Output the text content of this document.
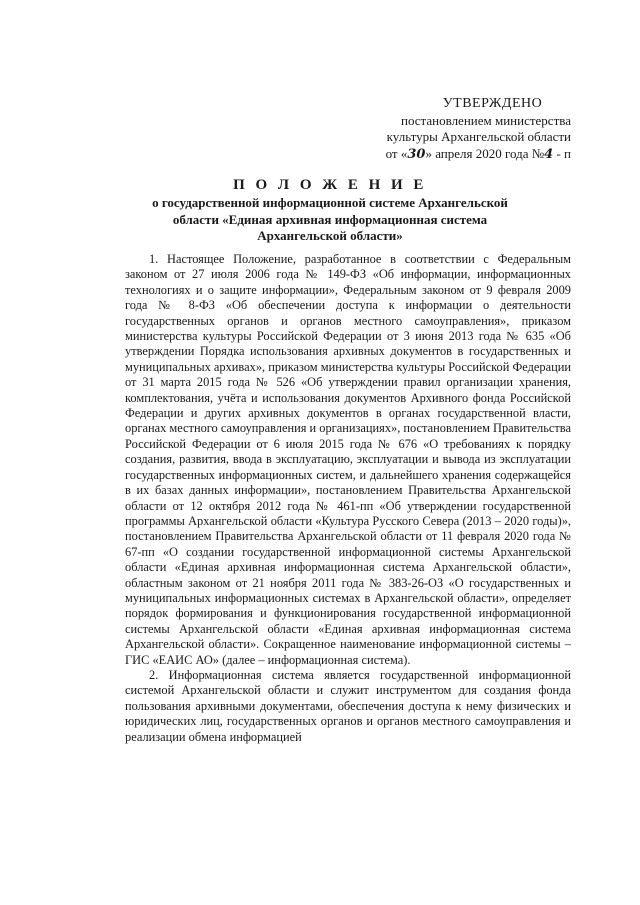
УТВЕРЖДЕНО
постановлением министерства
культуры Архангельской области
от «30» апреля 2020 года №4 - п
П О Л О Ж Е Н И Е
о государственной информационной системе Архангельской
области «Единая архивная информационная система
Архангельской области»

1. Настоящее Положение, разработанное в соответствии с Федеральным законом от 27 июля 2006 года № 149-ФЗ «Об информации, информационных технологиях и о защите информации», Федеральным законом от 9 февраля 2009 года № 8-ФЗ «Об обеспечении доступа к информации о деятельности государственных органов и органов местного самоуправления», приказом министерства культуры Российской Федерации от 3 июня 2013 года № 635 «Об утверждении Порядка использования архивных документов в государственных и муниципальных архивах», приказом министерства культуры Российской Федерации от 31 марта 2015 года № 526 «Об утверждении правил организации хранения, комплектования, учёта и использования документов Архивного фонда Российской Федерации и других архивных документов в органах государственной власти, органах местного самоуправления и организациях», постановлением Правительства Российской Федерации от 6 июля 2015 года № 676 «О требованиях к порядку создания, развития, ввода в эксплуатацию, эксплуатации и вывода из эксплуатации государственных информационных систем, и дальнейшего хранения содержащейся в их базах данных информации», постановлением Правительства Архангельской области от 12 октября 2012 года № 461-пп «Об утверждении государственной программы Архангельской области «Культура Русского Севера (2013 – 2020 годы)», постановлением Правительства Архангельской области от 11 февраля 2020 года № 67-пп «О создании государственной информационной системы Архангельской области «Единая архивная информационная система Архангельской области», областным законом от 21 ноября 2011 года № 383-26-ОЗ «О государственных и муниципальных информационных системах в Архангельской области», определяет порядок формирования и функционирования государственной информационной системы Архангельской области «Единая архивная информационная система Архангельской области». Сокращенное наименование информационной системы – ГИС «ЕАИС АО» (далее – информационная система).

2. Информационная система является государственной информационной системой Архангельской области и служит инструментом для создания фонда пользования архивными документами, обеспечения доступа к нему физических и юридических лиц, государственных органов и органов местного самоуправления и реализации обмена информацией
